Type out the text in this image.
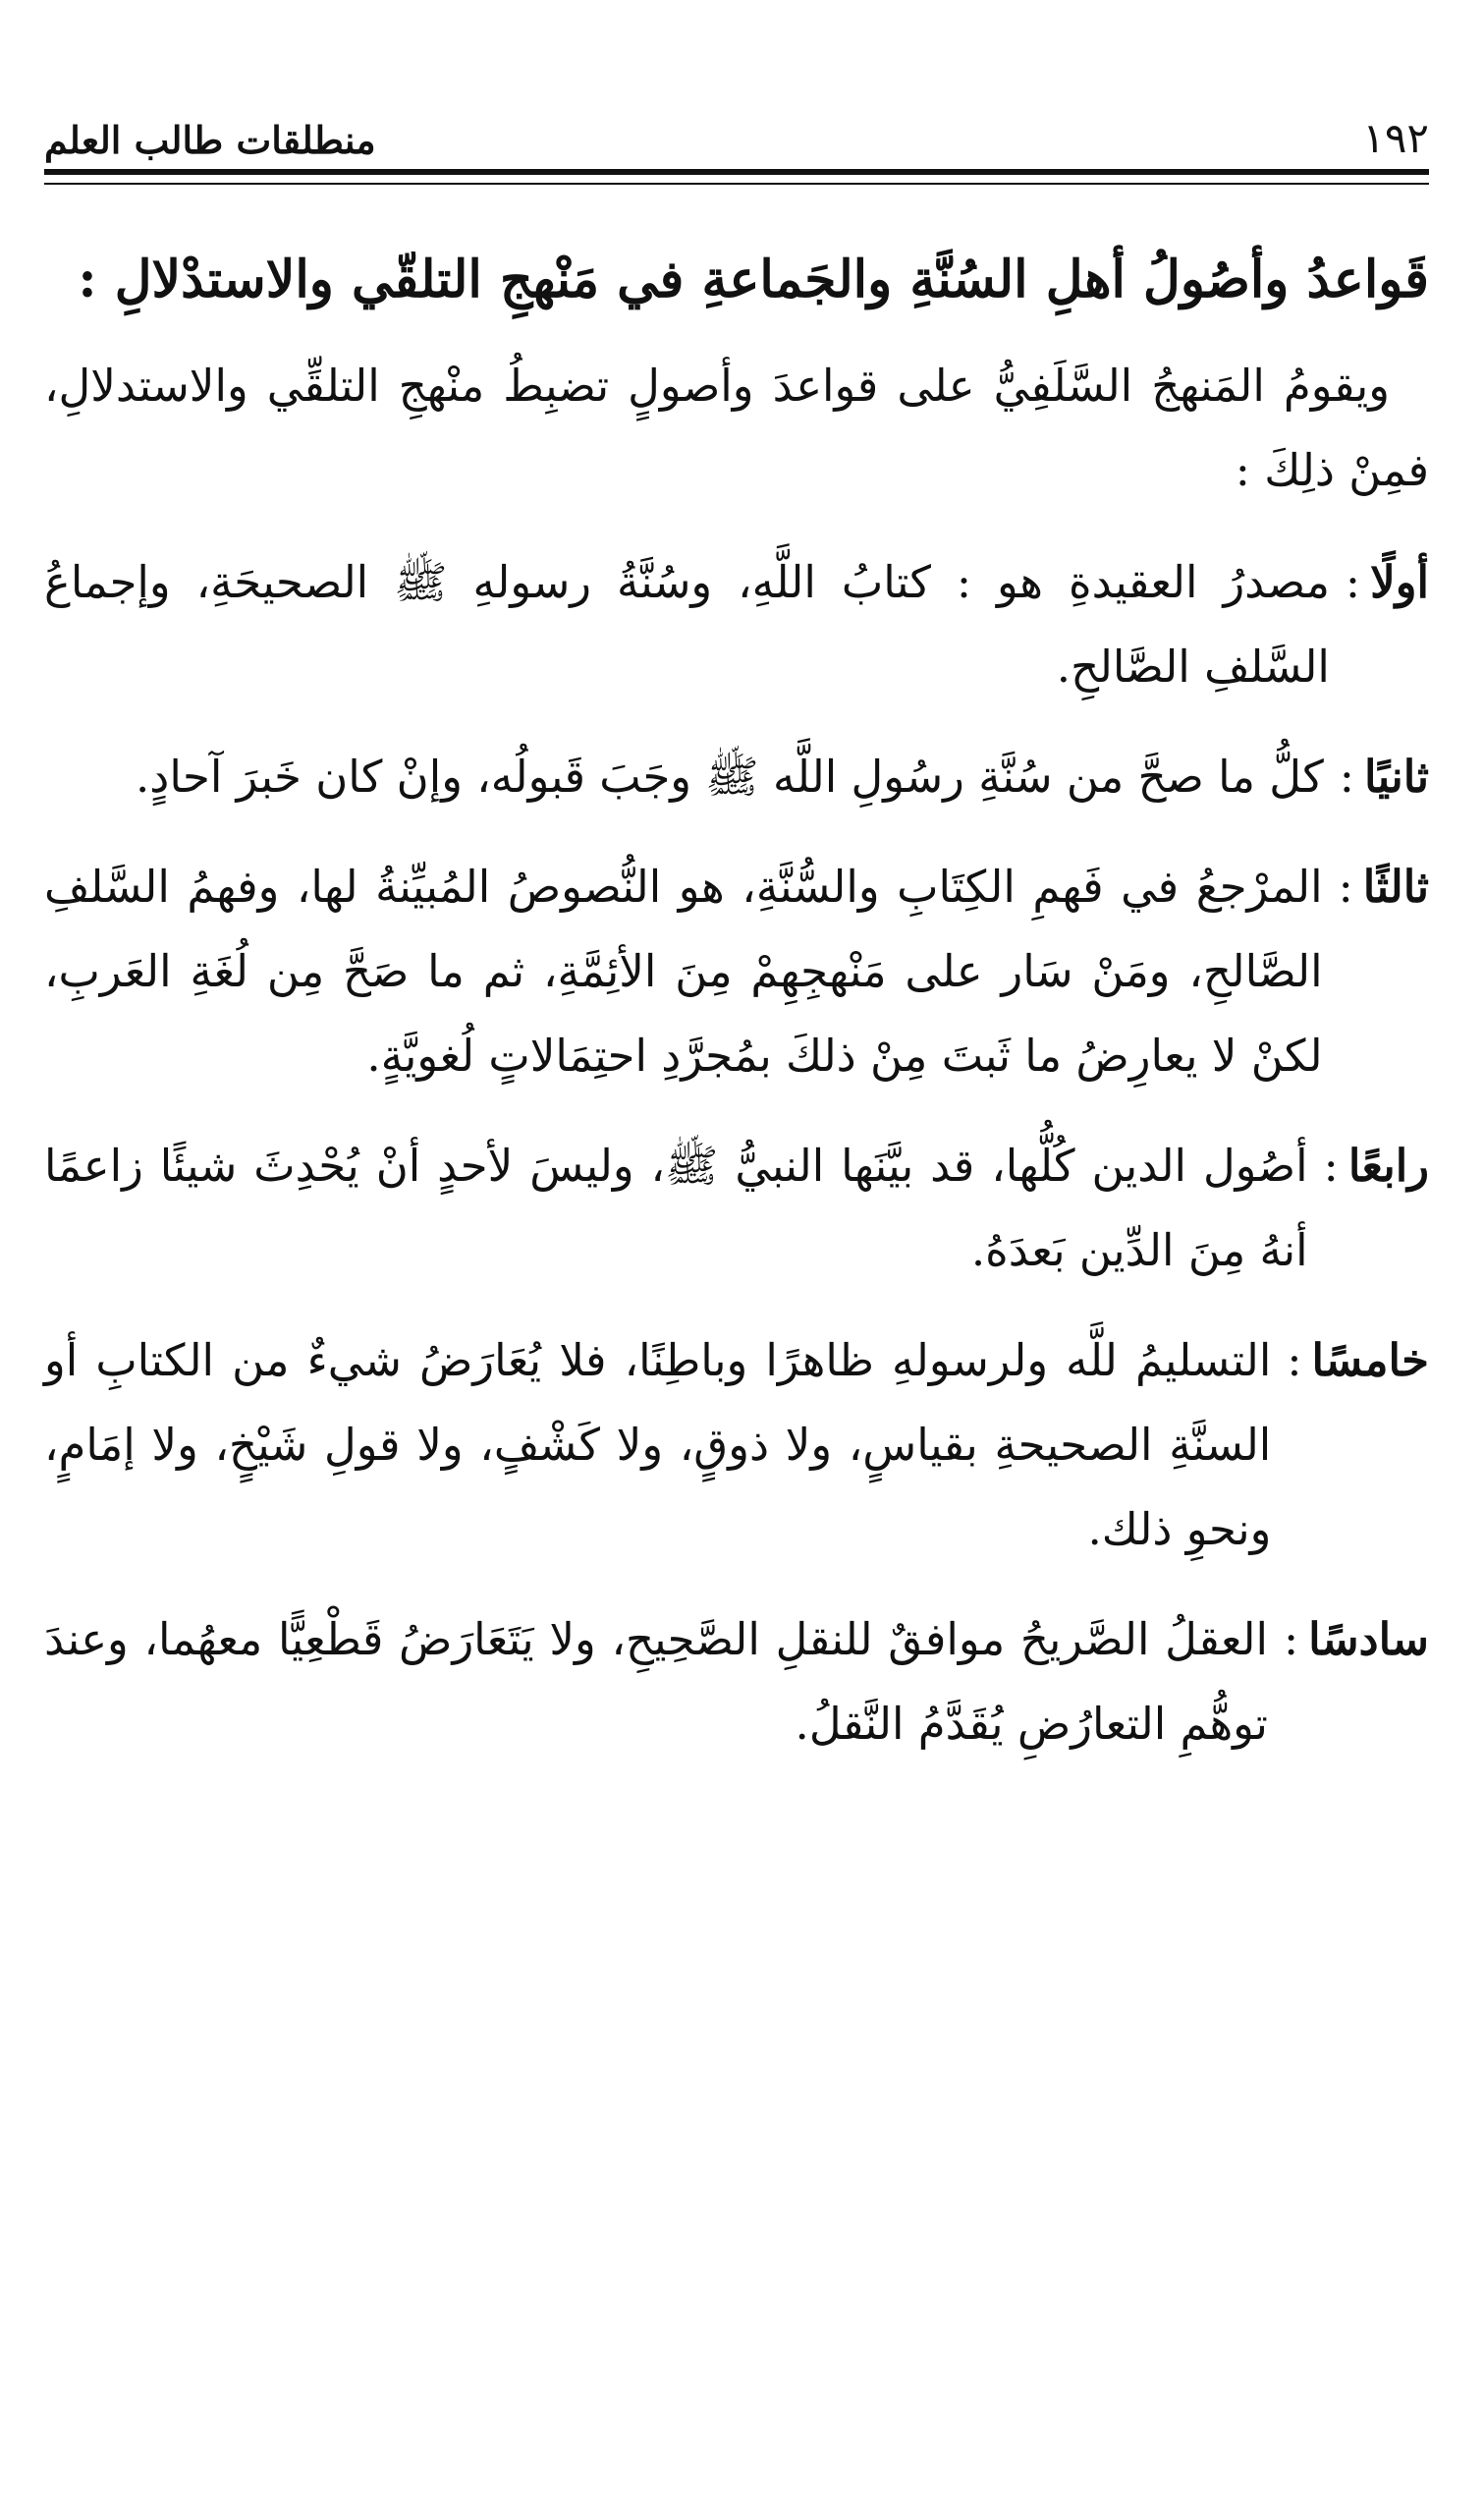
١٩٢
منطلقات طالب العلم
قَواعدُ وأصُولُ أهلِ السُنَّةِ والجَماعةِ في مَنْهجِ التلقّي والاستدْلالِ :

ويقومُ المَنهجُ السَّلَفِيُّ على قواعدَ وأصولٍ تضبِطُ منْهجِ التلقِّي والاستدلالِ، فمِنْ ذلِكَ :

أولًا
:
مصدرُ العقيدةِ هو : كتابُ اللَّهِ، وسُنَّةُ رسولهِ ﷺ الصحيحَةِ، وإجماعُ السَّلفِ الصَّالحِ.
ثانيًا
:
كلُّ ما صحَّ من سُنَّةِ رسُولِ اللَّه ﷺ وجَبَ قَبولُه، وإنْ كان خَبرَ آحادٍ.
ثالثًا
:
المرْجعُ في فَهمِ الكِتَابِ والسُّنَّةِ، هو النُّصوصُ المُبيِّنةُ لها، وفهمُ السَّلفِ الصَّالحِ، ومَنْ سَار على مَنْهجِهِمْ مِنَ الأئِمَّةِ، ثم ما صَحَّ مِن لُغَةِ العَربِ، لكنْ لا يعارِضُ ما ثَبتَ مِنْ ذلكَ بمُجرَّدِ احتِمَالاتٍ لُغويَّةٍ.
رابعًا
:
أصُول الدين كُلُّها، قد بيَّنَها النبيُّ ﷺ، وليسَ لأحدٍ أنْ يُحْدِثَ شيئًا زاعمًا أنهُ مِنَ الدِّين بَعدَهُ.
خامسًا
:
التسليمُ للَّه ولرسولهِ ظاهرًا وباطِنًا، فلا يُعَارَضُ شيءٌ من الكتابِ أو السنَّةِ الصحيحةِ بقياسٍ، ولا ذوقٍ، ولا كَشْفٍ، ولا قولِ شَيْخٍ، ولا إمَامٍ، ونحوِ ذلك.
سادسًا
:
العقلُ الصَّريحُ موافقٌ للنقلِ الصَّحِيحِ، ولا يَتَعَارَضُ قَطْعِيًّا معهُما، وعندَ توهُّمِ التعارُضِ يُقَدَّمُ النَّقلُ.
